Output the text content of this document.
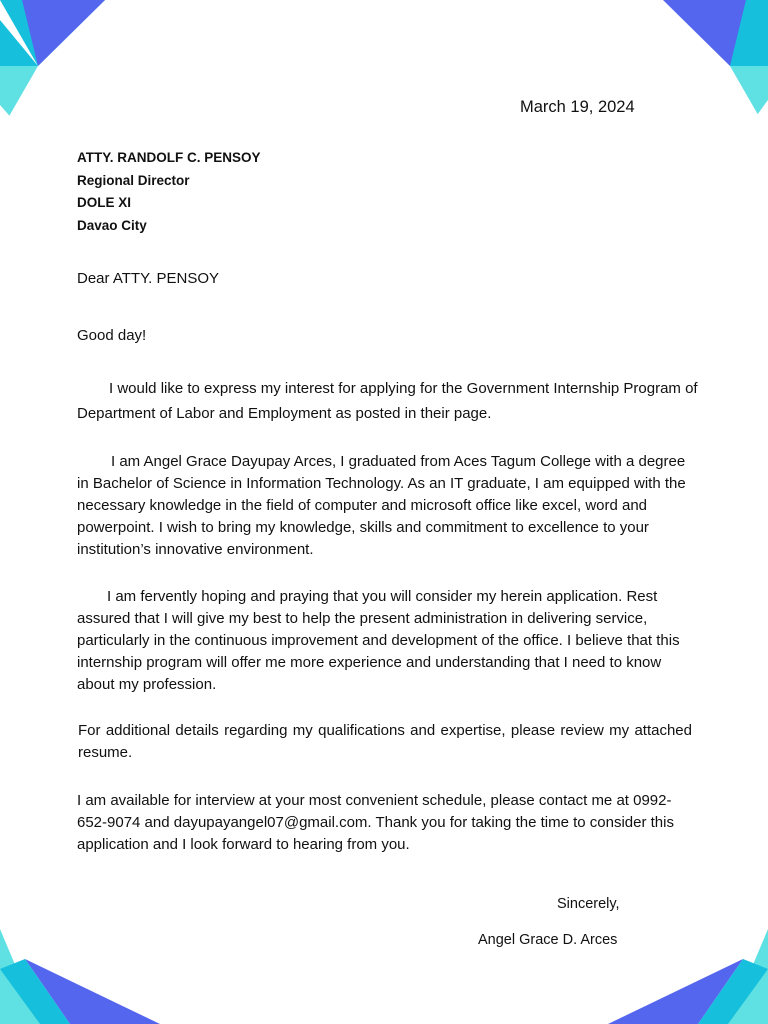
March 19, 2024
ATTY. RANDOLF C. PENSOY
Regional Director
DOLE XI
Davao City
Dear ATTY. PENSOY
Good day!

I would like to express my interest for applying for the Government Internship Program of Department of Labor and Employment as posted in their page.

I am Angel Grace Dayupay Arces, I graduated from Aces Tagum College with a degree in Bachelor of Science in Information Technology. As an IT graduate, I am equipped with the necessary knowledge in the field of computer and microsoft office like excel, word and powerpoint. I wish to bring my knowledge, skills and commitment to excellence to your institution’s innovative environment.

I am fervently hoping and praying that you will consider my herein application. Rest assured that I will give my best to help the present administration in delivering service, particularly in the continuous improvement and development of the office. I believe that this internship program will offer me more experience and understanding that I need to know about my profession.

For additional details regarding my qualifications and expertise, please review my attached resume.

I am available for interview at your most convenient schedule, please contact me at 0992-652-9074 and dayupayangel07@gmail.com. Thank you for taking the time to consider this application and I look forward to hearing from you.

Sincerely,
Angel Grace D. Arces
